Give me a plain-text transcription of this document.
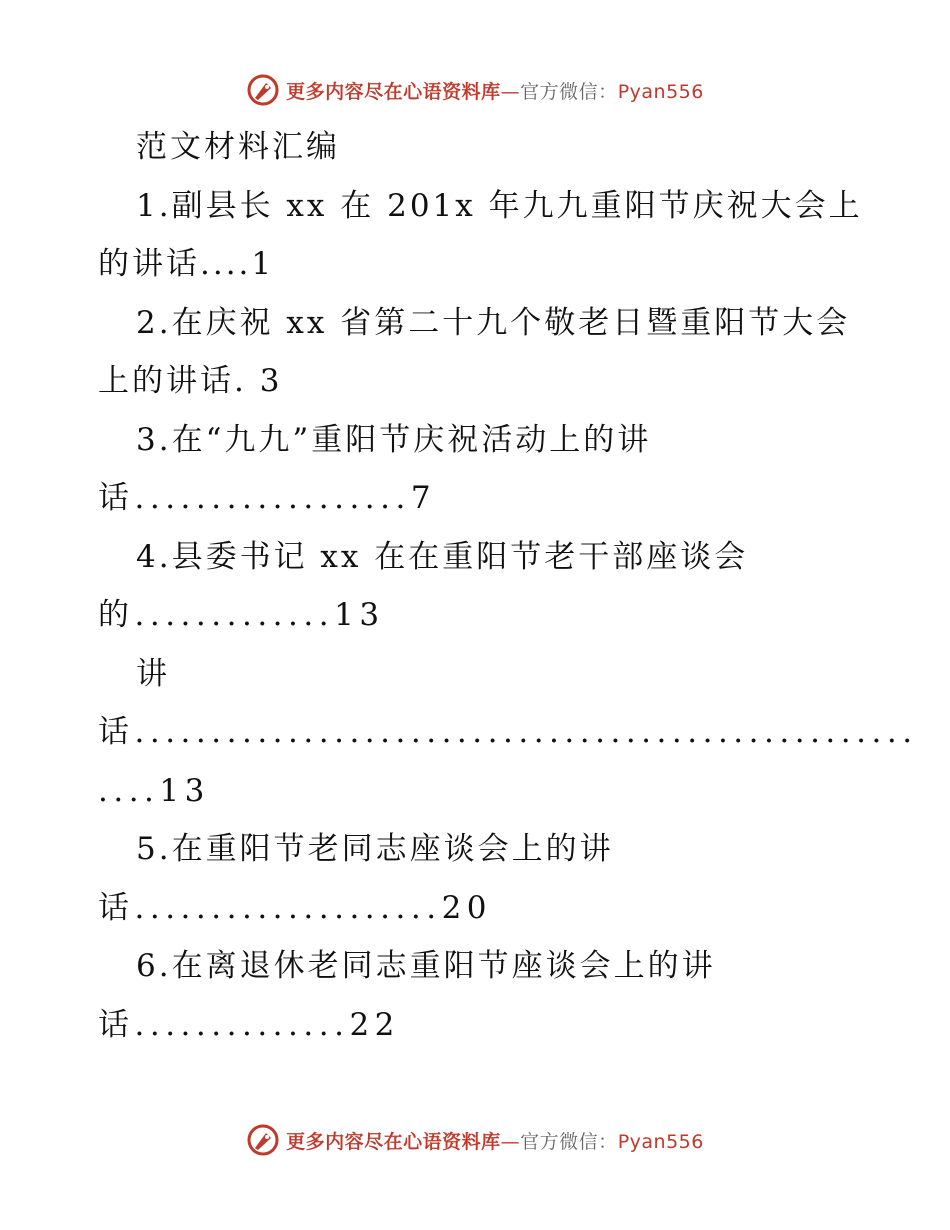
更多内容尽在心语资料库—官方微信：Pyan556
范文材料汇编
1.副县长 xx 在 201x 年九九重阳节庆祝大会上
的讲话....1
2.在庆祝 xx 省第二十九个敬老日暨重阳节大会
上的讲话. 3
3.在“九九”重阳节庆祝活动上的讲
话..................7
4.县委书记 xx 在在重阳节老干部座谈会
的.............13
讲
话...................................................
....13
5.在重阳节老同志座谈会上的讲
话....................20
6.在离退休老同志重阳节座谈会上的讲
话..............22
更多内容尽在心语资料库—官方微信：Pyan556
